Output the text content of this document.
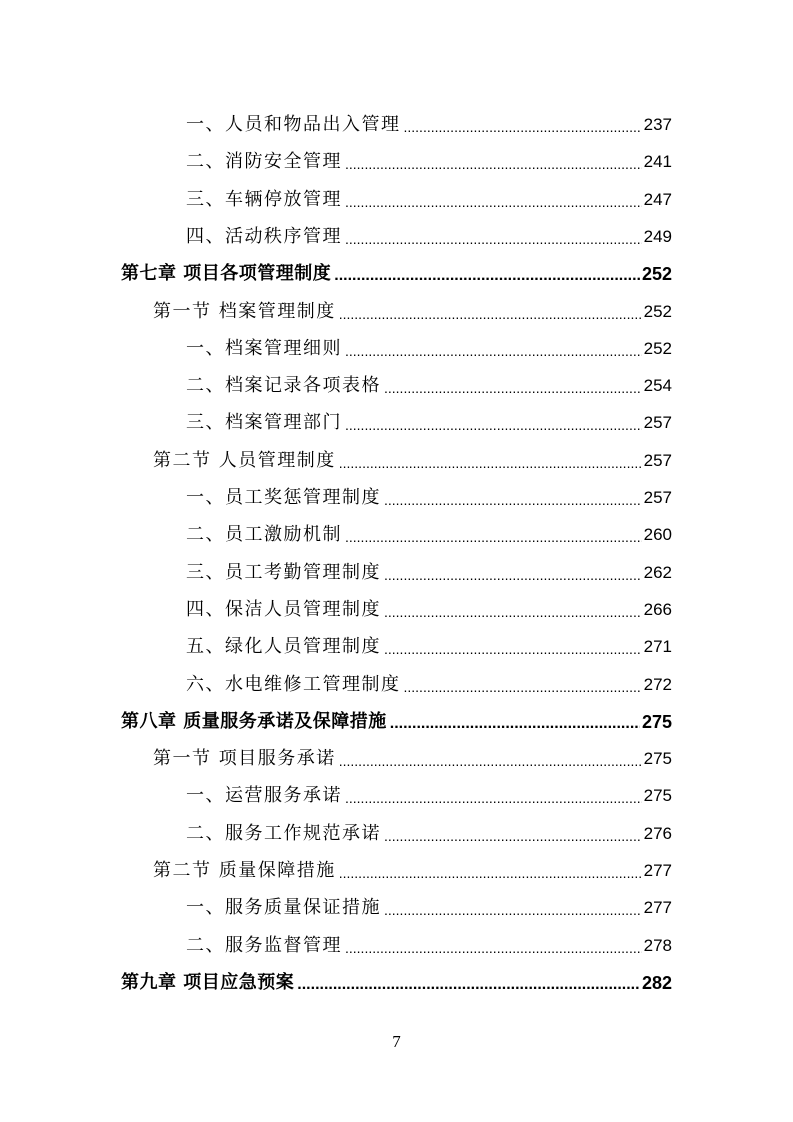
一、人员和物品出入管理 .....	237
二、消防安全管理 .....	241
三、车辆停放管理 .....	247
四、活动秩序管理 .....	249
第七章 项目各项管理制度 .....	252
第一节 档案管理制度 .....	252
一、档案管理细则 .....	252
二、档案记录各项表格 .....	254
三、档案管理部门 .....	257
第二节 人员管理制度 .....	257
一、员工奖惩管理制度 .....	257
二、员工激励机制 .....	260
三、员工考勤管理制度 .....	262
四、保洁人员管理制度 .....	266
五、绿化人员管理制度 .....	271
六、水电维修工管理制度 .....	272
第八章 质量服务承诺及保障措施 .....	275
第一节 项目服务承诺 .....	275
一、运营服务承诺 .....	275
二、服务工作规范承诺 .....	276
第二节 质量保障措施 .....	277
一、服务质量保证措施 .....	277
二、服务监督管理 .....	278
第九章 项目应急预案 .....	282
7
